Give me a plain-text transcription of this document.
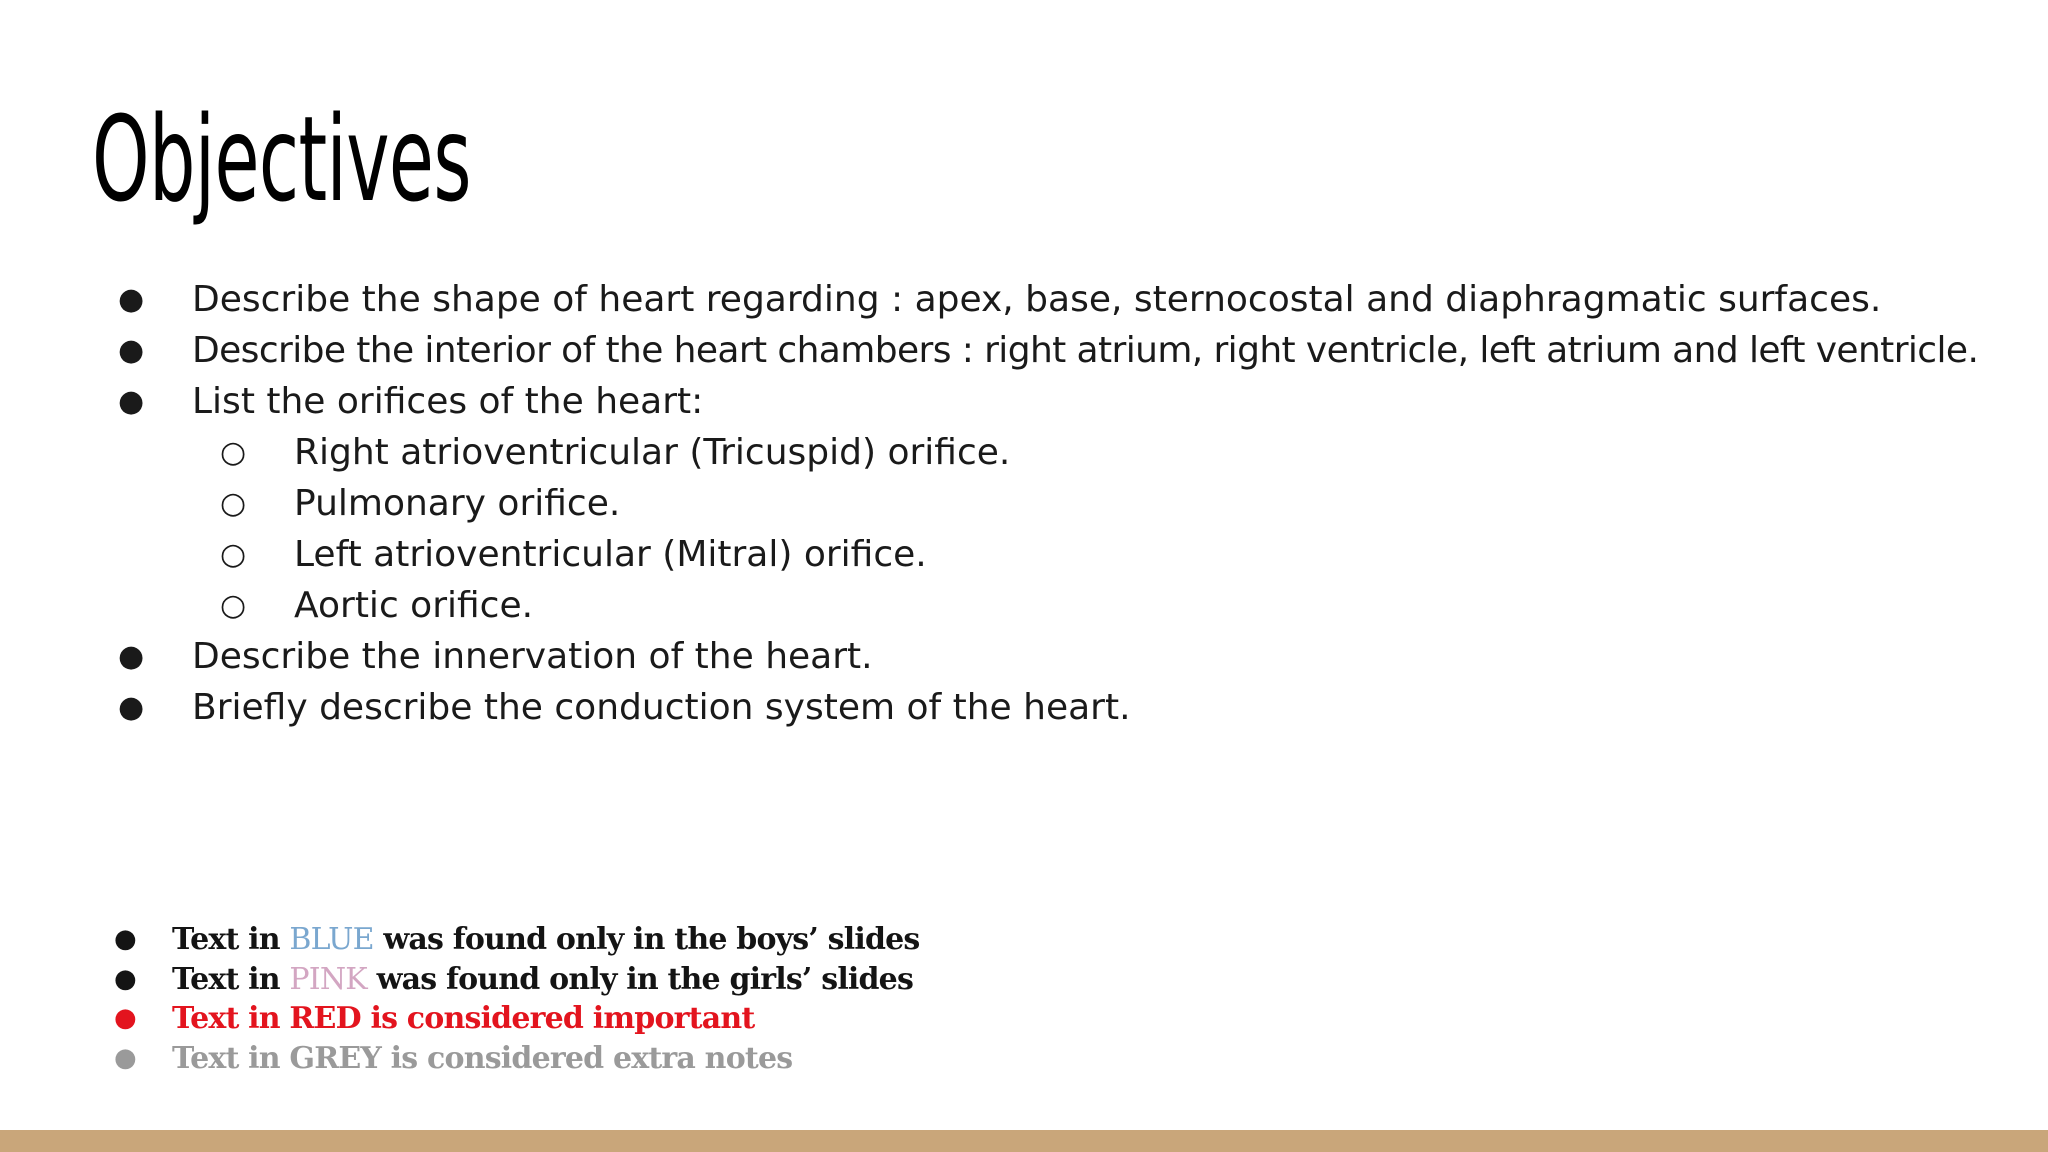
Objectives
● Describe the shape of heart regarding : apex, base, sternocostal and diaphragmatic surfaces.
● Describe the interior of the heart chambers : right atrium, right ventricle, left atrium and left ventricle.
● List the orifices of the heart:
○ Right atrioventricular (Tricuspid) orifice.
○ Pulmonary orifice.
○ Left atrioventricular (Mitral) orifice.
○ Aortic orifice.
● Describe the innervation of the heart.
● Briefly describe the conduction system of the heart.
● Text in BLUE was found only in the boys’ slides
● Text in PINK was found only in the girls’ slides
● Text in RED is considered important
● Text in GREY is considered extra notes
